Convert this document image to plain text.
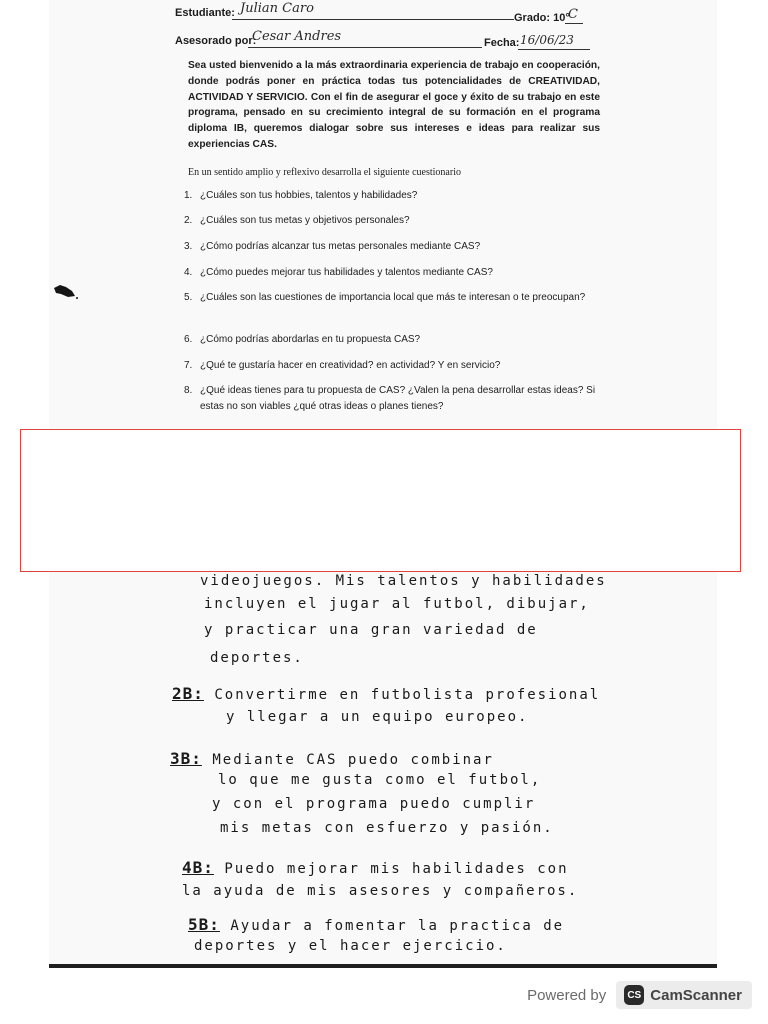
Estudiante: Julian Caro
Grado: 10°
C
Asesorado por:
Cesar Andres	Fecha: 16/06/23

Sea usted bienvenido a la más extraordinaria experiencia de trabajo en cooperación, donde podrás poner en práctica todas tus potencialidades de CREATIVIDAD, ACTIVIDAD Y SERVICIO. Con el fin de asegurar el goce y éxito de su trabajo en este programa, pensado en su crecimiento integral de su formación en el programa diploma IB, queremos dialogar sobre sus intereses e ideas para realizar sus experiencias CAS.

En un sentido amplio y reflexivo desarrolla el siguiente cuestionario
1. ¿Cuáles son tus hobbies, talentos y habilidades?
2. ¿Cuáles son tus metas y objetivos personales?
3. ¿Cómo podrías alcanzar tus metas personales mediante CAS?
4. ¿Cómo puedes mejorar tus habilidades y talentos mediante CAS?
5. ¿Cuáles son las cuestiones de importancia local que más te interesan o te preocupan?
6. ¿Cómo podrías abordarlas en tu propuesta CAS?
7. ¿Qué te gustaría hacer en creatividad? en actividad? Y en servicio?
8. ¿Qué ideas tienes para tu propuesta de CAS? ¿Valen la pena desarrollar estas ideas? Si estas no son viables ¿qué otras ideas o planes tienes?
videojuegos. Mis talentos y habilidades
incluyen el jugar al futbol, dibujar,
y practicar una gran variedad de
deportes.
2B: Convertirme en futbolista profesional
y llegar a un equipo europeo.
3B: Mediante CAS puedo combinar
lo que me gusta como el futbol,
y con el programa puedo cumplir
mis metas con esfuerzo y pasión.
4B: Puedo mejorar mis habilidades con
la ayuda de mis asesores y compañeros.
5B: Ayudar a fomentar la practica de
deportes y el hacer ejercicio.
Powered by	CS CamScanner
